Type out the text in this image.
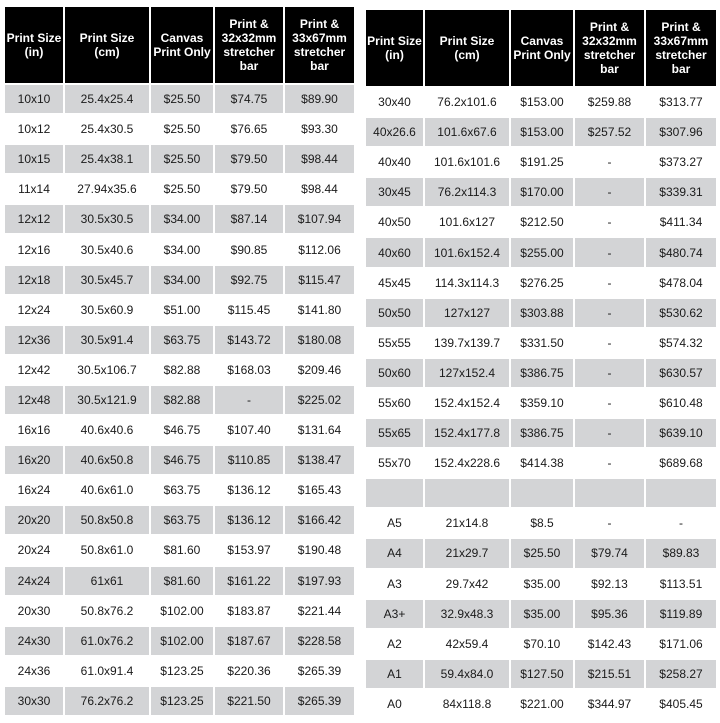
Print Size (in)	Print Size (cm)	Canvas Print Only	Print & 32x32mm stretcher bar	Print & 33x67mm stretcher bar
10x10	25.4x25.4	$25.50	$74.75	$89.90
10x12	25.4x30.5	$25.50	$76.65	$93.30
10x15	25.4x38.1	$25.50	$79.50	$98.44
11x14	27.94x35.6	$25.50	$79.50	$98.44
12x12	30.5x30.5	$34.00	$87.14	$107.94
12x16	30.5x40.6	$34.00	$90.85	$112.06
12x18	30.5x45.7	$34.00	$92.75	$115.47
12x24	30.5x60.9	$51.00	$115.45	$141.80
12x36	30.5x91.4	$63.75	$143.72	$180.08
12x42	30.5x106.7	$82.88	$168.03	$209.46
12x48	30.5x121.9	$82.88	-	$225.02
16x16	40.6x40.6	$46.75	$107.40	$131.64
16x20	40.6x50.8	$46.75	$110.85	$138.47
16x24	40.6x61.0	$63.75	$136.12	$165.43
20x20	50.8x50.8	$63.75	$136.12	$166.42
20x24	50.8x61.0	$81.60	$153.97	$190.48
24x24	61x61	$81.60	$161.22	$197.93
20x30	50.8x76.2	$102.00	$183.87	$221.44
24x30	61.0x76.2	$102.00	$187.67	$228.58
24x36	61.0x91.4	$123.25	$220.36	$265.39
30x30	76.2x76.2	$123.25	$221.50	$265.39
Print Size (in)	Print Size (cm)	Canvas Print Only	Print & 32x32mm stretcher bar	Print & 33x67mm stretcher bar
30x40	76.2x101.6	$153.00	$259.88	$313.77
40x26.6	101.6x67.6	$153.00	$257.52	$307.96
40x40	101.6x101.6	$191.25	-	$373.27
30x45	76.2x114.3	$170.00	-	$339.31
40x50	101.6x127	$212.50	-	$411.34
40x60	101.6x152.4	$255.00	-	$480.74
45x45	114.3x114.3	$276.25	-	$478.04
50x50	127x127	$303.88	-	$530.62
55x55	139.7x139.7	$331.50	-	$574.32
50x60	127x152.4	$386.75	-	$630.57
55x60	152.4x152.4	$359.10	-	$610.48
55x65	152.4x177.8	$386.75	-	$639.10
55x70	152.4x228.6	$414.38	-	$689.68

A5	21x14.8	$8.5	-	-
A4	21x29.7	$25.50	$79.74	$89.83
A3	29.7x42	$35.00	$92.13	$113.51
A3+	32.9x48.3	$35.00	$95.36	$119.89
A2	42x59.4	$70.10	$142.43	$171.06
A1	59.4x84.0	$127.50	$215.51	$258.27
A0	84x118.8	$221.00	$344.97	$405.45
